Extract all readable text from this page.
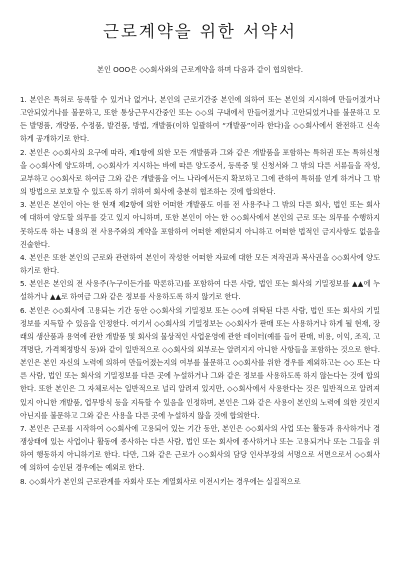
근로계약을 위한 서약서

본인 OOO은 ◇◇회사와의 근로계약을 하며 다음과 같이 협의한다.

1. 본인은 특허로 등록할 수 있거나 없거나, 본인의 근로기간중 본인에 의하여 또는 본인의 지시하에 만들어졌거나 고안되었거나를 불문하고, 또한 통상근무시간중인 또는 ◇◇의 구내에서 만들어졌거나 고안되었거나를 불문하고 모든 발명품, 개량품, 수정품, 발견품, 방법, 개발품(이하 일괄하여 “개발품”이라 한다)을 ◇◇회사에서 완전하고 신속하게 공개하기로 한다.

2. 본인은 ◇◇회사의 요구에 따라, 제1항에 의한 모든 개발품과 그와 같은 개발품을 포함하는 특허권 또는 특허신청을 ◇◇회사에 양도하며, ◇◇회사가 지시하는 바에 따른 양도증서, 등록증 및 신청서와 그 밖의 다른 서류들을 작성, 교부하고 ◇◇회사로 하여금 그와 같은 개발품을 어느 나라에서든지 확보하고 그에 관하여 특허를 얻게 하거나 그 밖의 방법으로 보호할 수 있도록 하기 위하여 회사에 충분히 협조하는 것에 합의한다.

3. 본인은 본인이 아는 한 현재 제2항에 의한 어떠한 개발품도 이를 전 사용주나 그 밖의 다른 회사, 법인 또는 회사에 대하여 양도할 의무를 갖고 있지 아니하며, 또한 본인이 아는 한 ◇◇회사에서 본인의 근로 또는 의무를 수행하지 못하도록 하는 내용의 전 사용주와의 계약을 포함하여 어떠한 제한되지 아니하고 어떠한 법적인 금지사항도 없음을 진술한다.

4. 본인은 또한 본인의 근로와 관련하여 본인이 작성한 어떠한 자료에 대한 모든 저작권과 복사권을 ◇◇회사에 양도하기로 한다.

5. 본인은 본인의 전 사용주(누구이든가를 막론하고)를 포함하여 다른 사람, 법인 또는 회사의 기밀정보를 ▲▲에 누설하거나 ▲▲로 하여금 그와 같은 정보를 사용하도록 하지 않기로 한다.

6. 본인은 ◇◇회사에 고용되는 기간 동안 ◇◇회사의 기밀정보 또는 ◇◇에 위탁된 다른 사람, 법인 또는 회사의 기밀정보를 지득할 수 있음을 인정한다. 여기서 ◇◇회사의 기밀정보는 ◇◇회사가 판매 또는 사용하거나 하게 될 현재, 장래의 생산품과 용역에 관한 개발품 및 회사의 물상적인 사업운영에 관한 데이터(예를 들어 판매, 비용, 이익, 조직, 고객명단, 가격책정방식 등)와 같이 일반적으로 ◇◇회사의 외부로는 알려지지 아니한 사항들을 포함하는 것으로 한다. 본인은 본인 자신의 노력에 의하여 만들어졌는지의 여부를 불문하고 ◇◇회사를 위한 경우를 제외하고는 ◇◇ 또는 다른 사람, 법인 또는 회사의 기밀정보를 다른 곳에 누설하거나 그와 같은 정보를 사용하도록 하지 않는다는 것에 합의한다. 또한 본인은 그 자체로서는 일반적으로 널리 알려져 있지만, ◇◇회사에서 사용한다는 것은 일반적으로 알려져 있지 아니한 개발품, 업무방식 등을 지득할 수 있음을 인정하며, 본인은 그와 같은 사용이 본인의 노력에 의한 것인지 아닌지를 불문하고 그와 같은 사용을 다른 곳에 누설하지 않을 것에 합의한다.

7. 본인은 근로를 시작하여 ◇◇회사에 고용되어 있는 기간 동안, 본인은 ◇◇회사의 사업 또는 활동과 유사하거나 경쟁상태에 있는 사업이나 활동에 종사하는 다른 사람, 법인 또는 회사에 종사하거나 또는 고용되거나 또는 그들을 위하여 행동하지 아니하기로 한다. 다만, 그와 같은 근로가 ◇◇회사의 담당 인사부장의 서명으로 서면으로서 ◇◇회사에 의하여 승인된 경우에는 예외로 한다.

8. ◇◇회사가 본인의 근로관계를 자회사 또는 계열회사로 이전시키는 경우에는 실질적으로
